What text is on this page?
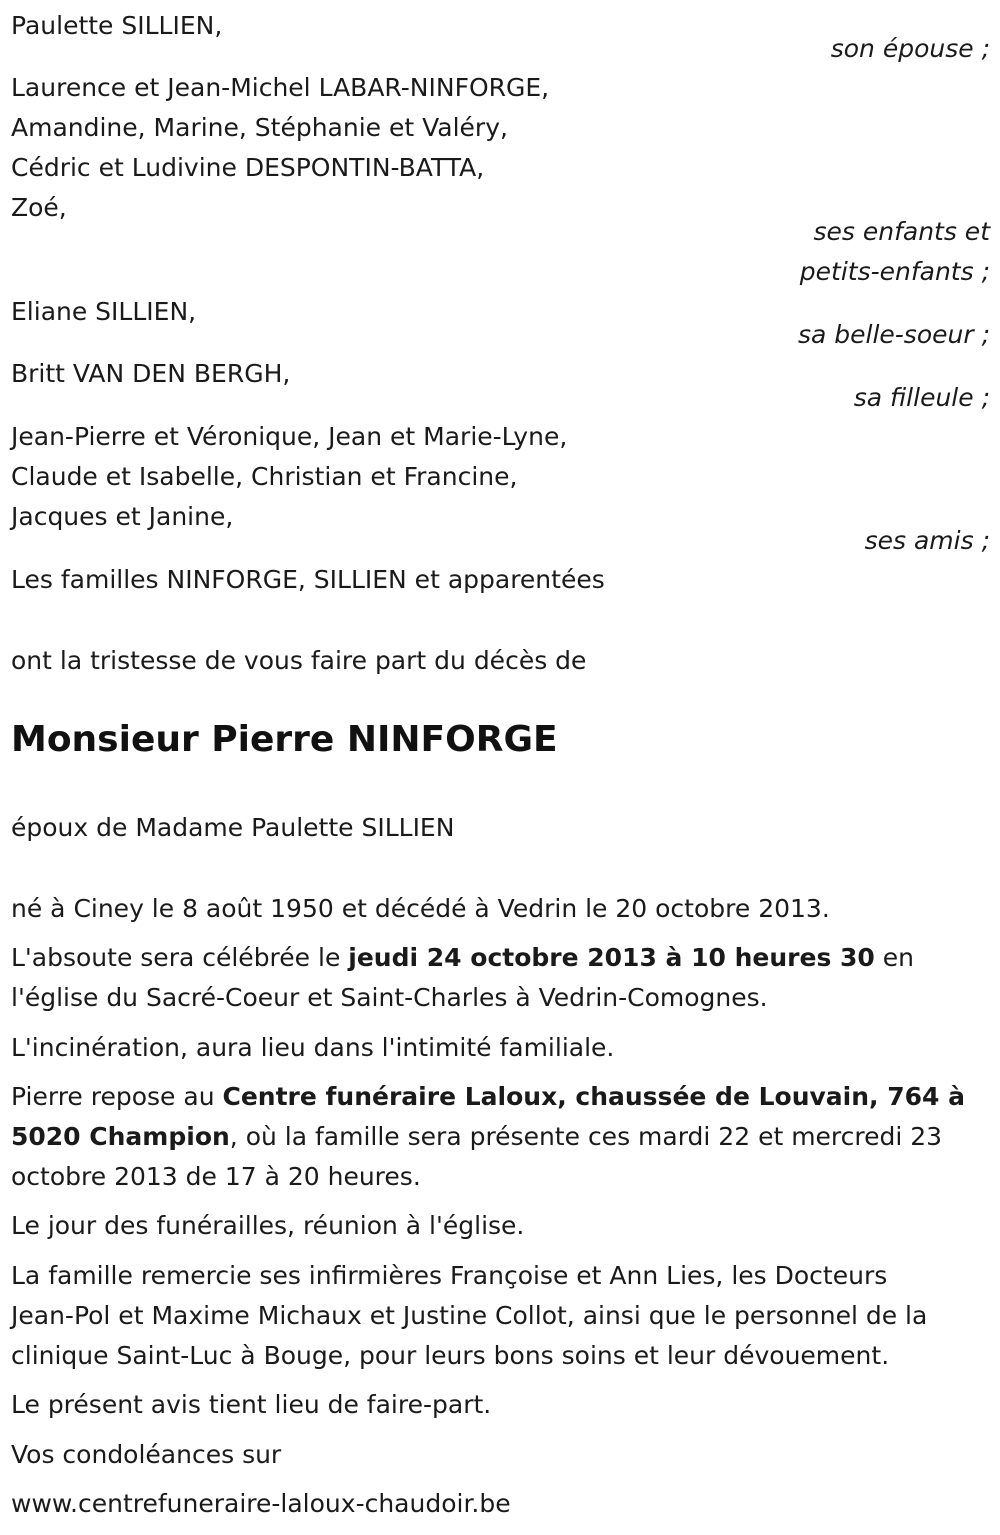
Paulette SILLIEN,
son épouse ;
Laurence et Jean-Michel LABAR-NINFORGE,
Amandine, Marine, Stéphanie et Valéry,
Cédric et Ludivine DESPONTIN-BATTA,
Zoé,
ses enfants et
petits-enfants ;
Eliane SILLIEN,
sa belle-soeur ;
Britt VAN DEN BERGH,
sa filleule ;
Jean-Pierre et Véronique, Jean et Marie-Lyne,
Claude et Isabelle, Christian et Francine,
Jacques et Janine,
ses amis ;
Les familles NINFORGE, SILLIEN et apparentées
ont la tristesse de vous faire part du décès de
Monsieur Pierre NINFORGE
époux de Madame Paulette SILLIEN
né à Ciney le 8 août 1950 et décédé à Vedrin le 20 octobre 2013.
L'absoute sera célébrée le jeudi 24 octobre 2013 à 10 heures 30 en
l'église du Sacré-Coeur et Saint-Charles à Vedrin-Comognes.
L'incinération, aura lieu dans l'intimité familiale.
Pierre repose au Centre funéraire Laloux, chaussée de Louvain, 764 à
5020 Champion, où la famille sera présente ces mardi 22 et mercredi 23
octobre 2013 de 17 à 20 heures.
Le jour des funérailles, réunion à l'église.
La famille remercie ses infirmières Françoise et Ann Lies, les Docteurs
Jean-Pol et Maxime Michaux et Justine Collot, ainsi que le personnel de la
clinique Saint-Luc à Bouge, pour leurs bons soins et leur dévouement.
Le présent avis tient lieu de faire-part.
Vos condoléances sur
www.centrefuneraire-laloux-chaudoir.be
